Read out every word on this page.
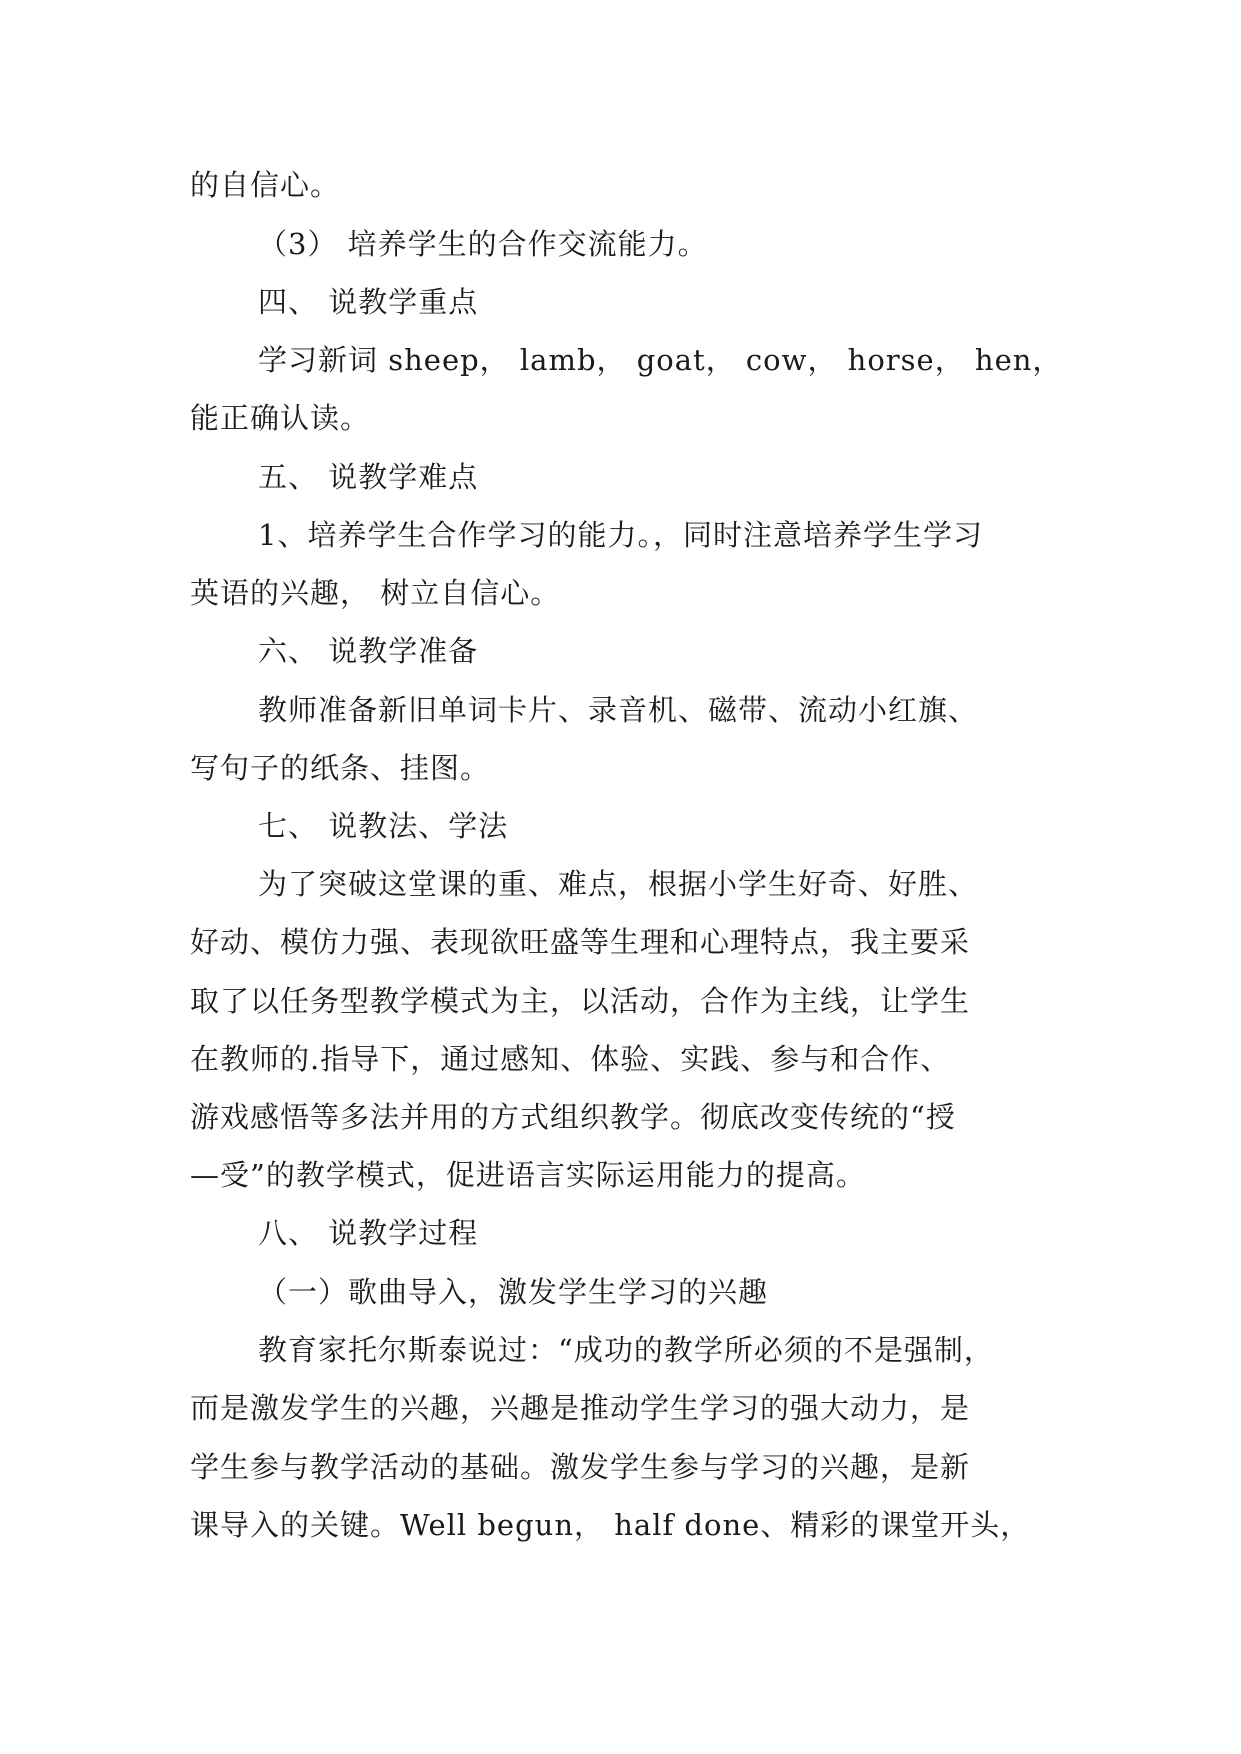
的自信心。
（3） 培养学生的合作交流能力。
四、 说教学重点
学习新词 sheep， lamb， goat， cow， horse， hen，
能正确认读。
五、 说教学难点
1、培养学生合作学习的能力。，同时注意培养学生学习
英语的兴趣， 树立自信心。
六、 说教学准备
教师准备新旧单词卡片、录音机、磁带、流动小红旗、
写句子的纸条、挂图。
七、 说教法、学法
为了突破这堂课的重、难点，根据小学生好奇、好胜、
好动、模仿力强、表现欲旺盛等生理和心理特点，我主要采
取了以任务型教学模式为主，以活动，合作为主线，让学生
在教师的.指导下，通过感知、体验、实践、参与和合作、
游戏感悟等多法并用的方式组织教学。彻底改变传统的“授
—受”的教学模式，促进语言实际运用能力的提高。
八、 说教学过程
（一）歌曲导入，激发学生学习的兴趣
教育家托尔斯泰说过：“成功的教学所必须的不是强制，
而是激发学生的兴趣，兴趣是推动学生学习的强大动力，是
学生参与教学活动的基础。激发学生参与学习的兴趣，是新
课导入的关键。Well begun， half done、精彩的课堂开头，
